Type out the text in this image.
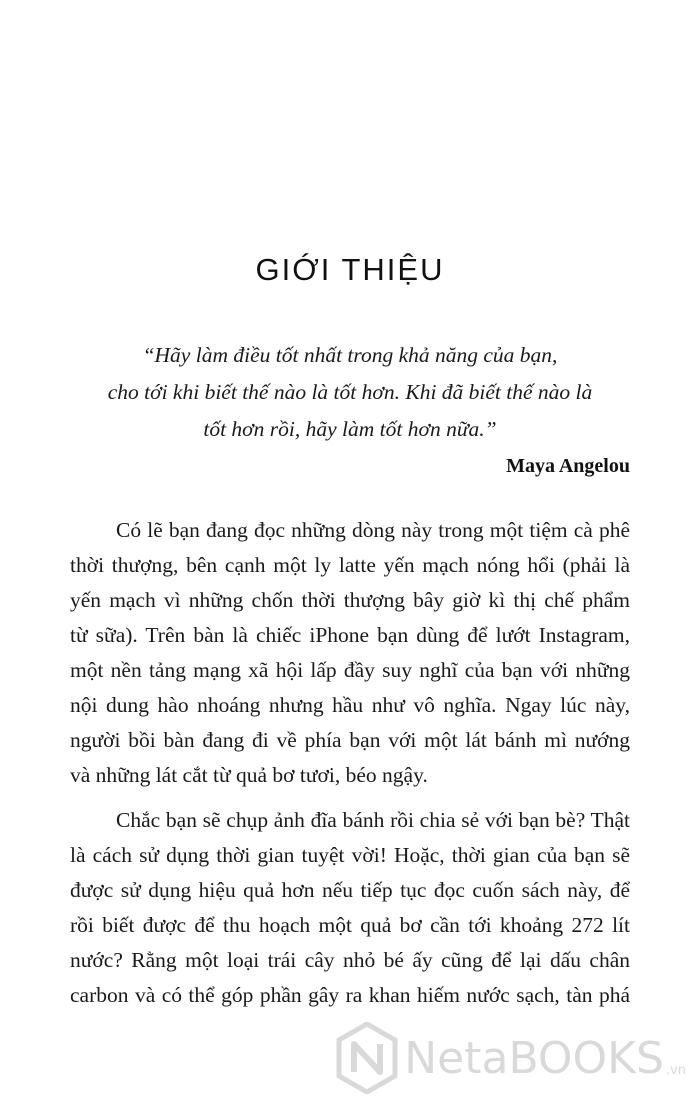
GIỚI THIỆU
“Hãy làm điều tốt nhất trong khả năng của bạn,
cho tới khi biết thế nào là tốt hơn. Khi đã biết thế nào là
tốt hơn rồi, hãy làm tốt hơn nữa.”

Maya Angelou

Có lẽ bạn đang đọc những dòng này trong một tiệm cà phê
thời thượng, bên cạnh một ly latte yến mạch nóng hổi (phải là
yến mạch vì những chốn thời thượng bây giờ kì thị chế phẩm
từ sữa). Trên bàn là chiếc iPhone bạn dùng để lướt Instagram,
một nền tảng mạng xã hội lấp đầy suy nghĩ của bạn với những
nội dung hào nhoáng nhưng hầu như vô nghĩa. Ngay lúc này,
người bồi bàn đang đi về phía bạn với một lát bánh mì nướng
và những lát cắt từ quả bơ tươi, béo ngậy.
Chắc bạn sẽ chụp ảnh đĩa bánh rồi chia sẻ với bạn bè? Thật
là cách sử dụng thời gian tuyệt vời! Hoặc, thời gian của bạn sẽ
được sử dụng hiệu quả hơn nếu tiếp tục đọc cuốn sách này, để
rồi biết được để thu hoạch một quả bơ cần tới khoảng 272 lít
nước? Rằng một loại trái cây nhỏ bé ấy cũng để lại dấu chân
carbon và có thể góp phần gây ra khan hiếm nước sạch, tàn phá
NetaBOOKS .vn
